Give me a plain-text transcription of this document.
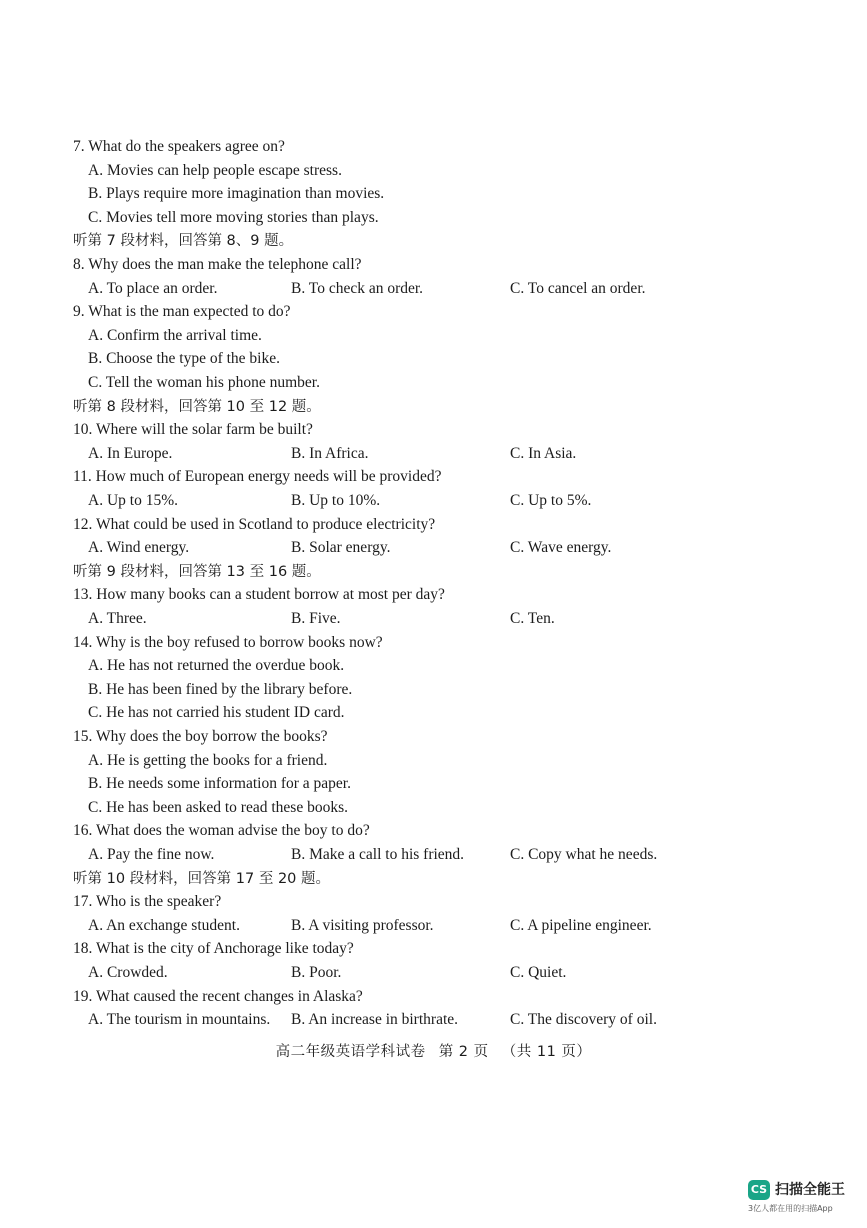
7. What do the speakers agree on?
A. Movies can help people escape stress.
B. Plays require more imagination than movies.
C. Movies tell more moving stories than plays.
听第 7 段材料，回答第 8、9 题。
8. Why does the man make the telephone call?
A. To place an order.	B. To check an order.	C. To cancel an order.
9. What is the man expected to do?
A. Confirm the arrival time.
B. Choose the type of the bike.
C. Tell the woman his phone number.
听第 8 段材料，回答第 10 至 12 题。
10. Where will the solar farm be built?
A. In Europe.	B. In Africa.	C. In Asia.
11. How much of European energy needs will be provided?
A. Up to 15%.	B. Up to 10%.	C. Up to 5%.
12. What could be used in Scotland to produce electricity?
A. Wind energy.	B. Solar energy.	C. Wave energy.
听第 9 段材料，回答第 13 至 16 题。
13. How many books can a student borrow at most per day?
A. Three.	B. Five.	C. Ten.
14. Why is the boy refused to borrow books now?
A. He has not returned the overdue book.
B. He has been fined by the library before.
C. He has not carried his student ID card.
15. Why does the boy borrow the books?
A. He is getting the books for a friend.
B. He needs some information for a paper.
C. He has been asked to read these books.
16. What does the woman advise the boy to do?
A. Pay the fine now.	B. Make a call to his friend.	C. Copy what he needs.
听第 10 段材料，回答第 17 至 20 题。
17. Who is the speaker?
A. An exchange student.	B. A visiting professor.	C. A pipeline engineer.
18. What is the city of Anchorage like today?
A. Crowded.	B. Poor.	C. Quiet.
19. What caused the recent changes in Alaska?
A. The tourism in mountains. B. An increase in birthrate.	C. The discovery of oil.
高二年级英语学科试卷 第 2 页 （共 11 页）
CS 扫描全能王
3亿人都在用的扫描App
